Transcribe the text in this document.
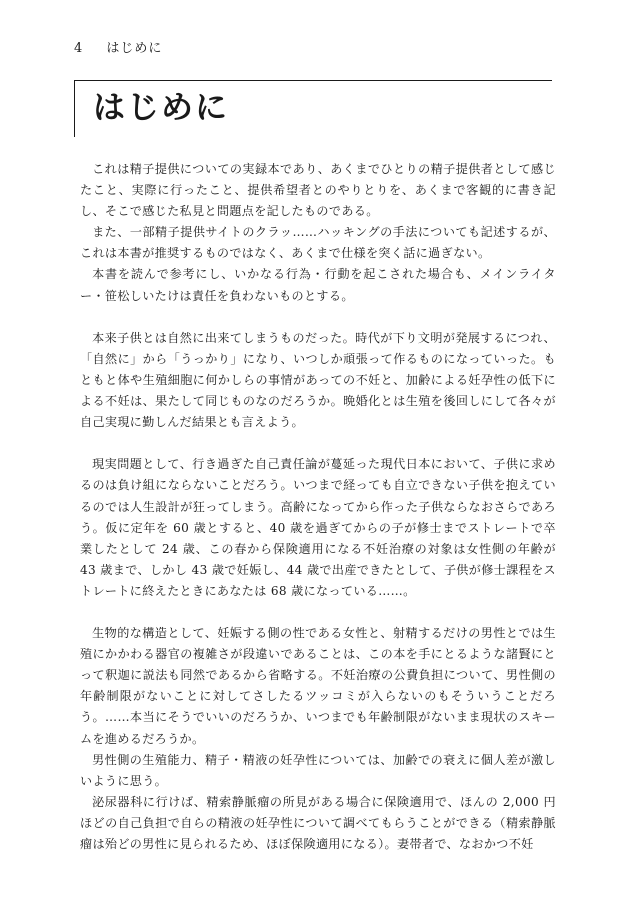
4 はじめに
はじめに

これは精子提供についての実録本であり、あくまでひとりの精子提供者として感じたこと、実際に行ったこと、提供希望者とのやりとりを、あくまで客観的に書き記し、そこで感じた私見と問題点を記したものである。

また、一部精子提供サイトのクラッ……ハッキングの手法についても記述するが、これは本書が推奨するものではなく、あくまで仕様を突く話に過ぎない。

本書を読んで参考にし、いかなる行為・行動を起こされた場合も、メインライター・笹松しいたけは責任を負わないものとする。

本来子供とは自然に出来てしまうものだった。時代が下り文明が発展するにつれ、「自然に」から「うっかり」になり、いつしか頑張って作るものになっていった。もともと体や生殖細胞に何かしらの事情があっての不妊と、加齢による妊孕性の低下による不妊は、果たして同じものなのだろうか。晩婚化とは生殖を後回しにして各々が自己実現に勤しんだ結果とも言えよう。

現実問題として、行き過ぎた自己責任論が蔓延った現代日本において、子供に求めるのは負け組にならないことだろう。いつまで経っても自立できない子供を抱えているのでは人生設計が狂ってしまう。高齢になってから作った子供ならなおさらであろう。仮に定年を 60 歳とすると、40 歳を過ぎてからの子が修士までストレートで卒業したとして 24 歳、この春から保険適用になる不妊治療の対象は女性側の年齢が 43 歳まで、しかし 43 歳で妊娠し、44 歳で出産できたとして、子供が修士課程をストレートに終えたときにあなたは 68 歳になっている……。

生物的な構造として、妊娠する側の性である女性と、射精するだけの男性とでは生殖にかかわる器官の複雑さが段違いであることは、この本を手にとるような諸賢にとって釈迦に説法も同然であるから省略する。不妊治療の公費負担について、男性側の年齢制限がないことに対してさしたるツッコミが入らないのもそういうことだろう。……本当にそうでいいのだろうか、いつまでも年齢制限がないまま現状のスキームを進めるだろうか。

男性側の生殖能力、精子・精液の妊孕性については、加齢での衰えに個人差が激しいように思う。

泌尿器科に行けば、精索静脈瘤の所見がある場合に保険適用で、ほんの 2,000 円ほどの自己負担で自らの精液の妊孕性について調べてもらうことができる（精索静脈瘤は殆どの男性に見られるため、ほぼ保険適用になる）。妻帯者で、なおかつ不妊
